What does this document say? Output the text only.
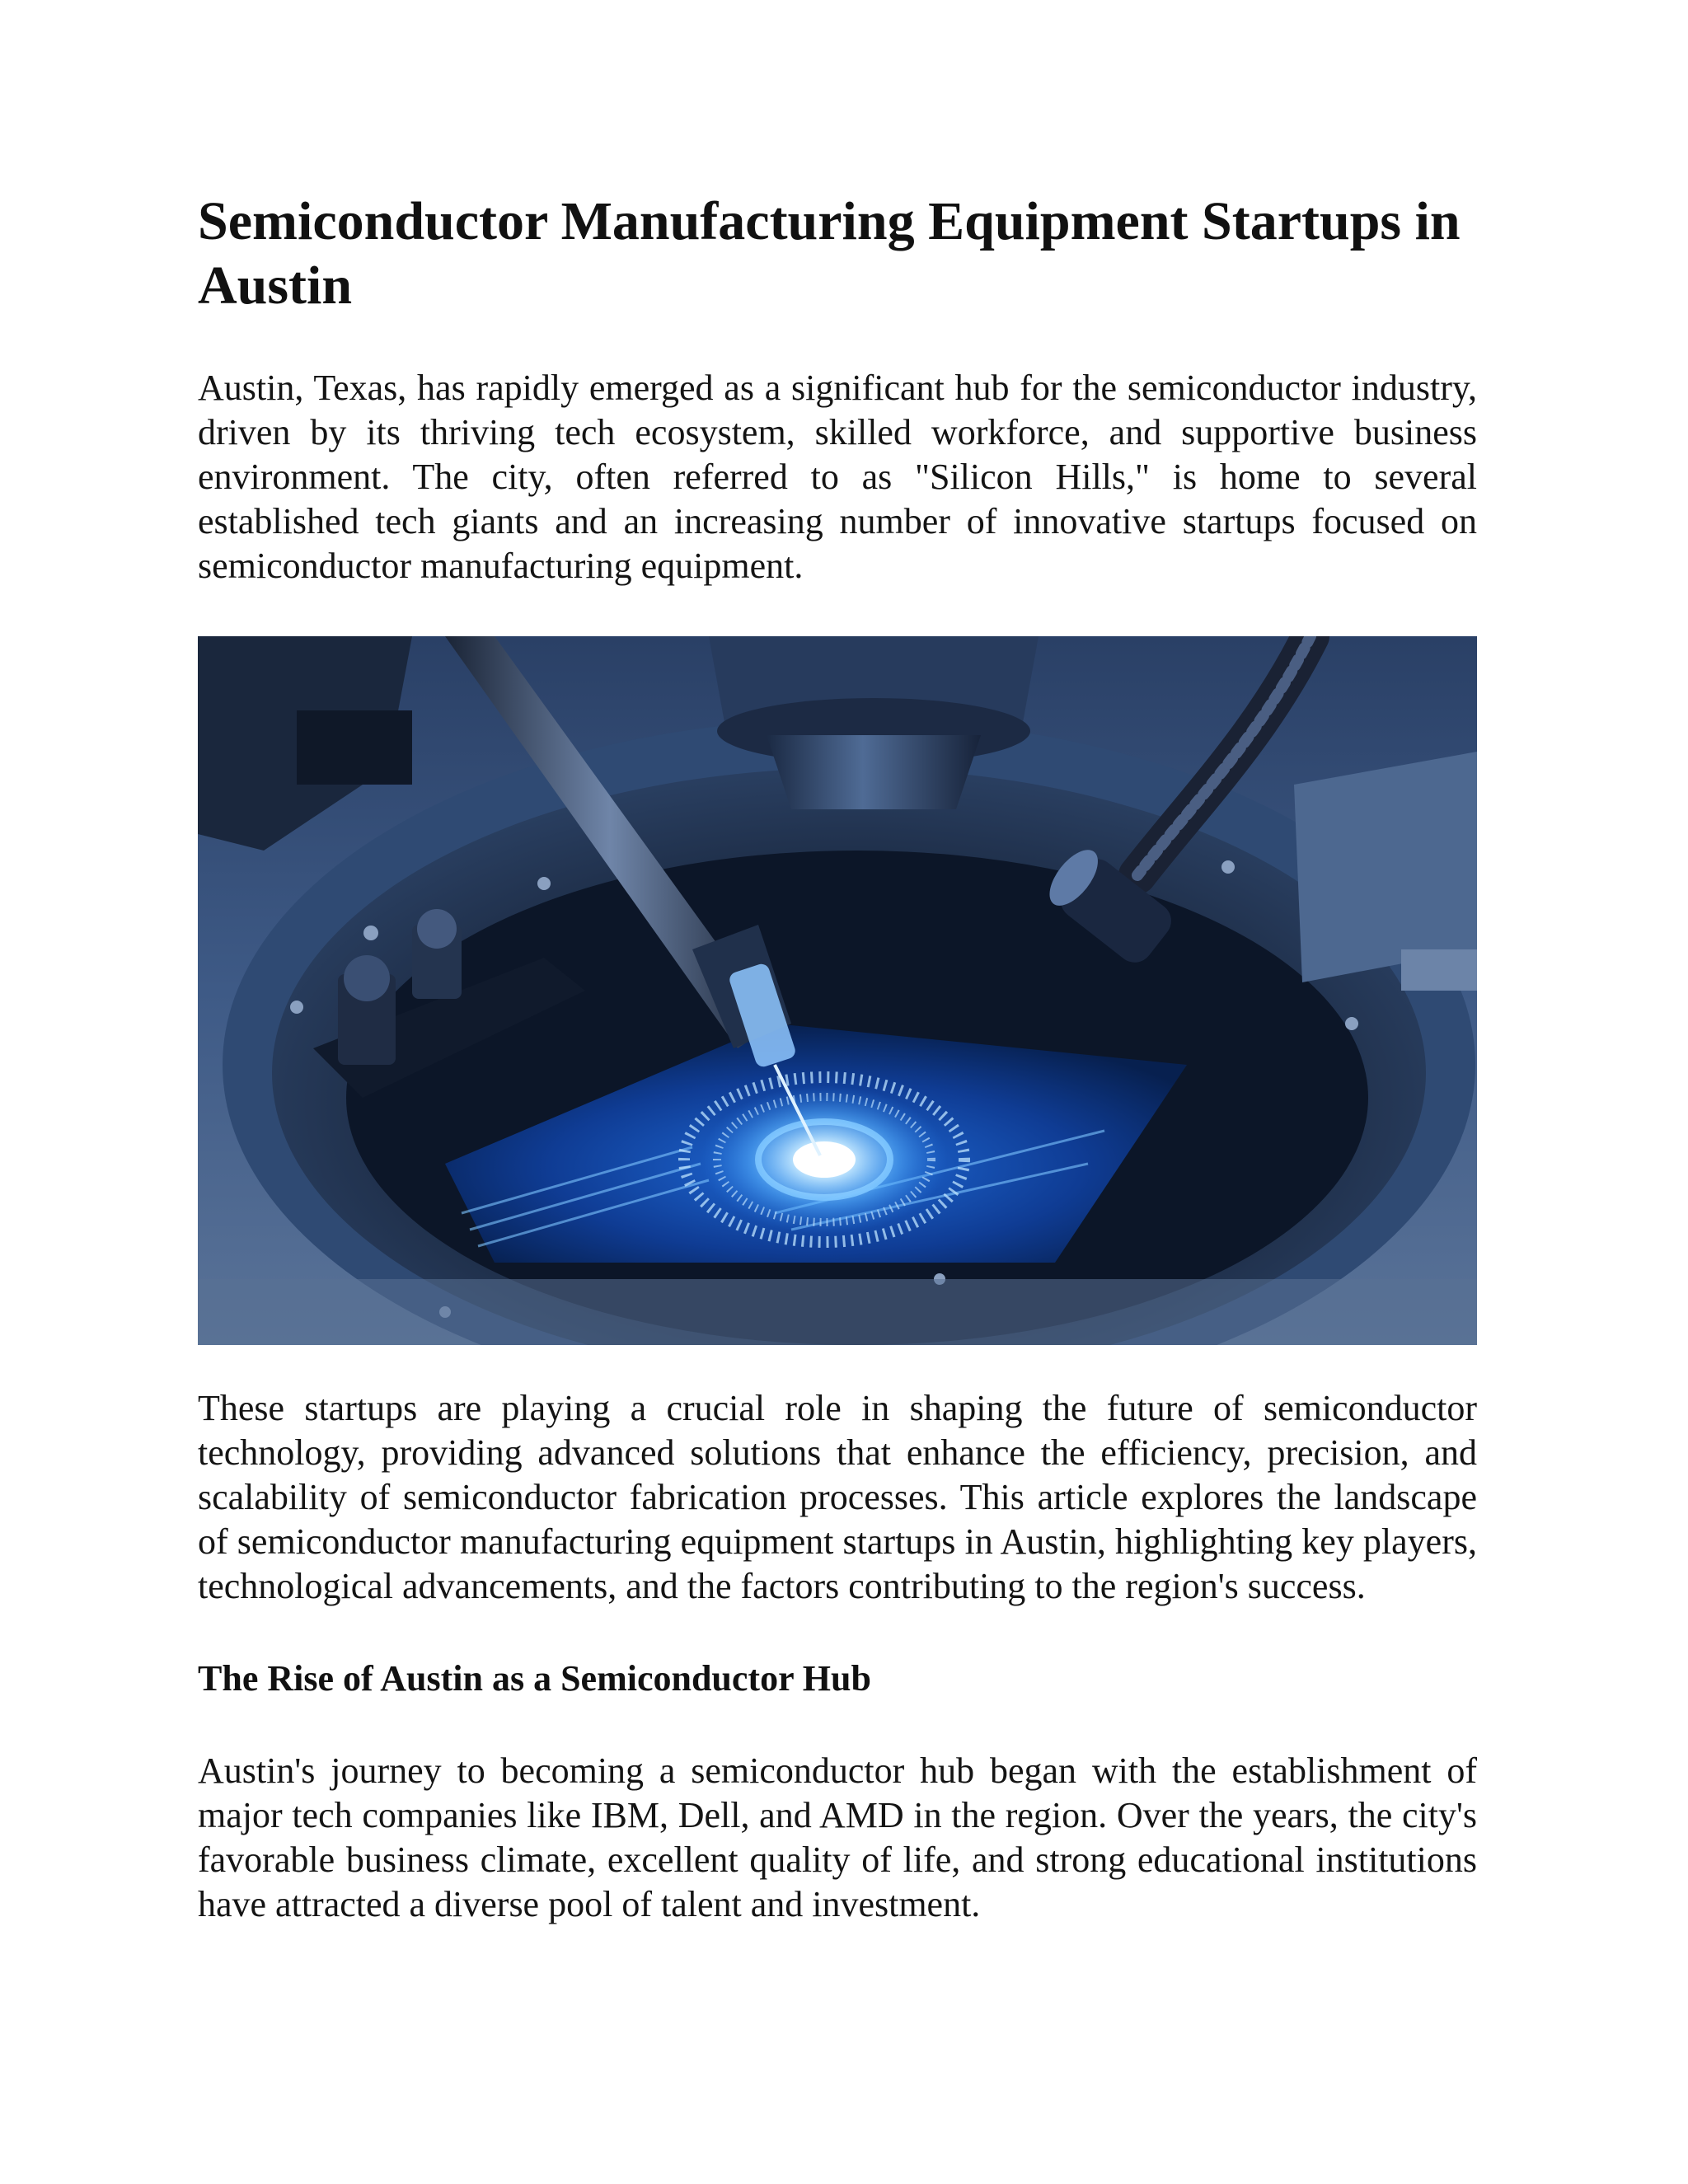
Semiconductor Manufacturing Equipment Startups in Austin

Austin, Texas, has rapidly emerged as a significant hub for the semiconductor industry, driven by its thriving tech ecosystem, skilled workforce, and supportive business environment. The city, often referred to as "Silicon Hills," is home to several established tech giants and an increasing number of innovative startups focused on semiconductor manufacturing equipment.

These startups are playing a crucial role in shaping the future of semiconductor technology, providing advanced solutions that enhance the efficiency, precision, and scalability of semiconductor fabrication processes. This article explores the landscape of semiconductor manufacturing equipment startups in Austin, highlighting key players, technological advancements, and the factors contributing to the region's success.

The Rise of Austin as a Semiconductor Hub

Austin's journey to becoming a semiconductor hub began with the establishment of major tech companies like IBM, Dell, and AMD in the region. Over the years, the city's favorable business climate, excellent quality of life, and strong educational institutions have attracted a diverse pool of talent and investment.
